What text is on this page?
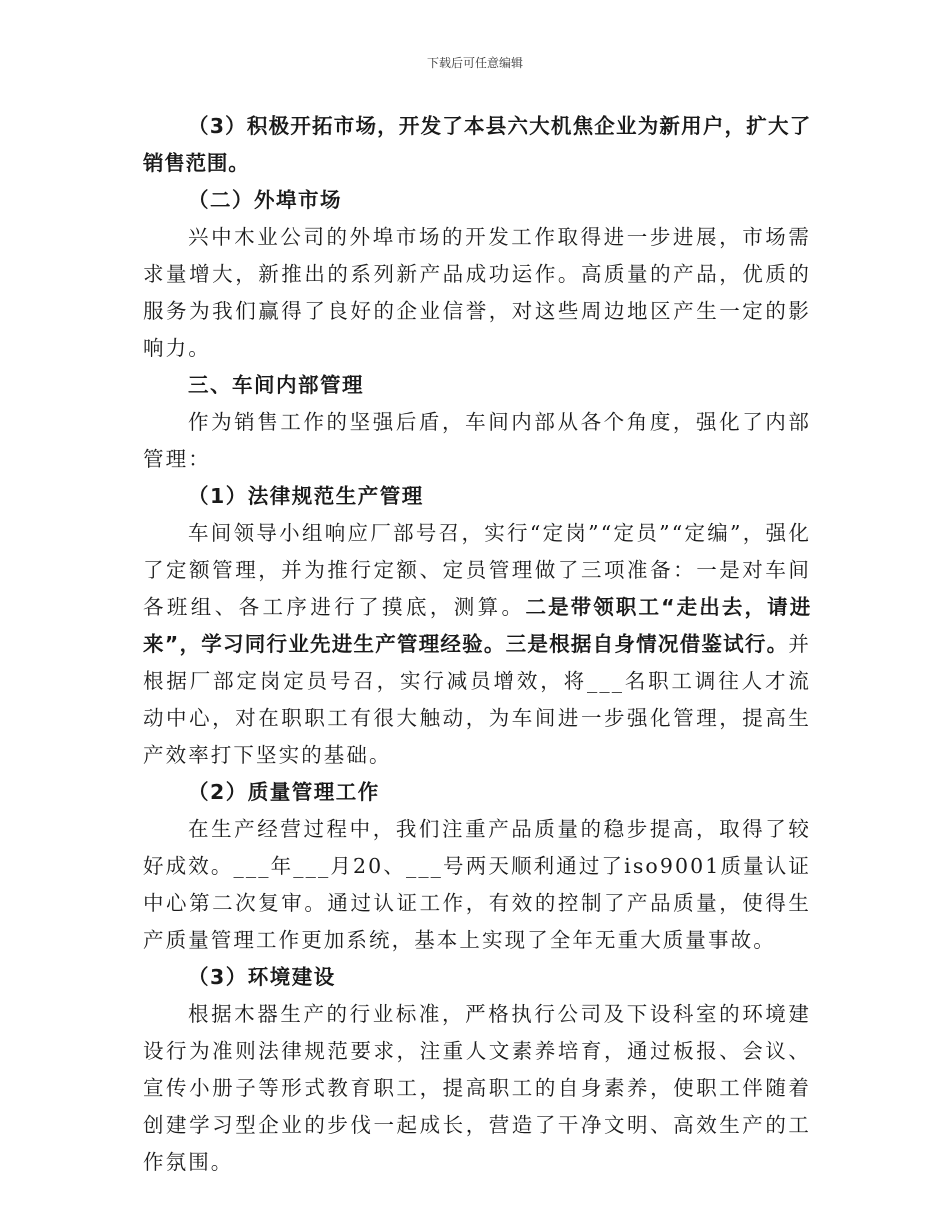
下载后可任意编辑

（3）积极开拓市场，开发了本县六大机焦企业为新用户，扩大了销售范围。

（二）外埠市场

兴中木业公司的外埠市场的开发工作取得进一步进展，市场需求量增大，新推出的系列新产品成功运作。高质量的产品，优质的服务为我们赢得了良好的企业信誉，对这些周边地区产生一定的影响力。

三、车间内部管理

作为销售工作的坚强后盾，车间内部从各个角度，强化了内部管理：

（1）法律规范生产管理

车间领导小组响应厂部号召，实行“定岗”“定员”“定编”，强化了定额管理，并为推行定额、定员管理做了三项准备：一是对车间各班组、各工序进行了摸底，测算。二是带领职工“走出去，请进来”，学习同行业先进生产管理经验。三是根据自身情况借鉴试行。并根据厂部定岗定员号召，实行减员增效，将___名职工调往人才流动中心，对在职职工有很大触动，为车间进一步强化管理，提高生产效率打下坚实的基础。

（2）质量管理工作

在生产经营过程中，我们注重产品质量的稳步提高，取得了较好成效。___年___月20、___号两天顺利通过了iso9001质量认证中心第二次复审。通过认证工作，有效的控制了产品质量，使得生产质量管理工作更加系统，基本上实现了全年无重大质量事故。

（3）环境建设

根据木器生产的行业标准，严格执行公司及下设科室的环境建设行为准则法律规范要求，注重人文素养培育，通过板报、会议、宣传小册子等形式教育职工，提高职工的自身素养，使职工伴随着创建学习型企业的步伐一起成长，营造了干净文明、高效生产的工作氛围。
